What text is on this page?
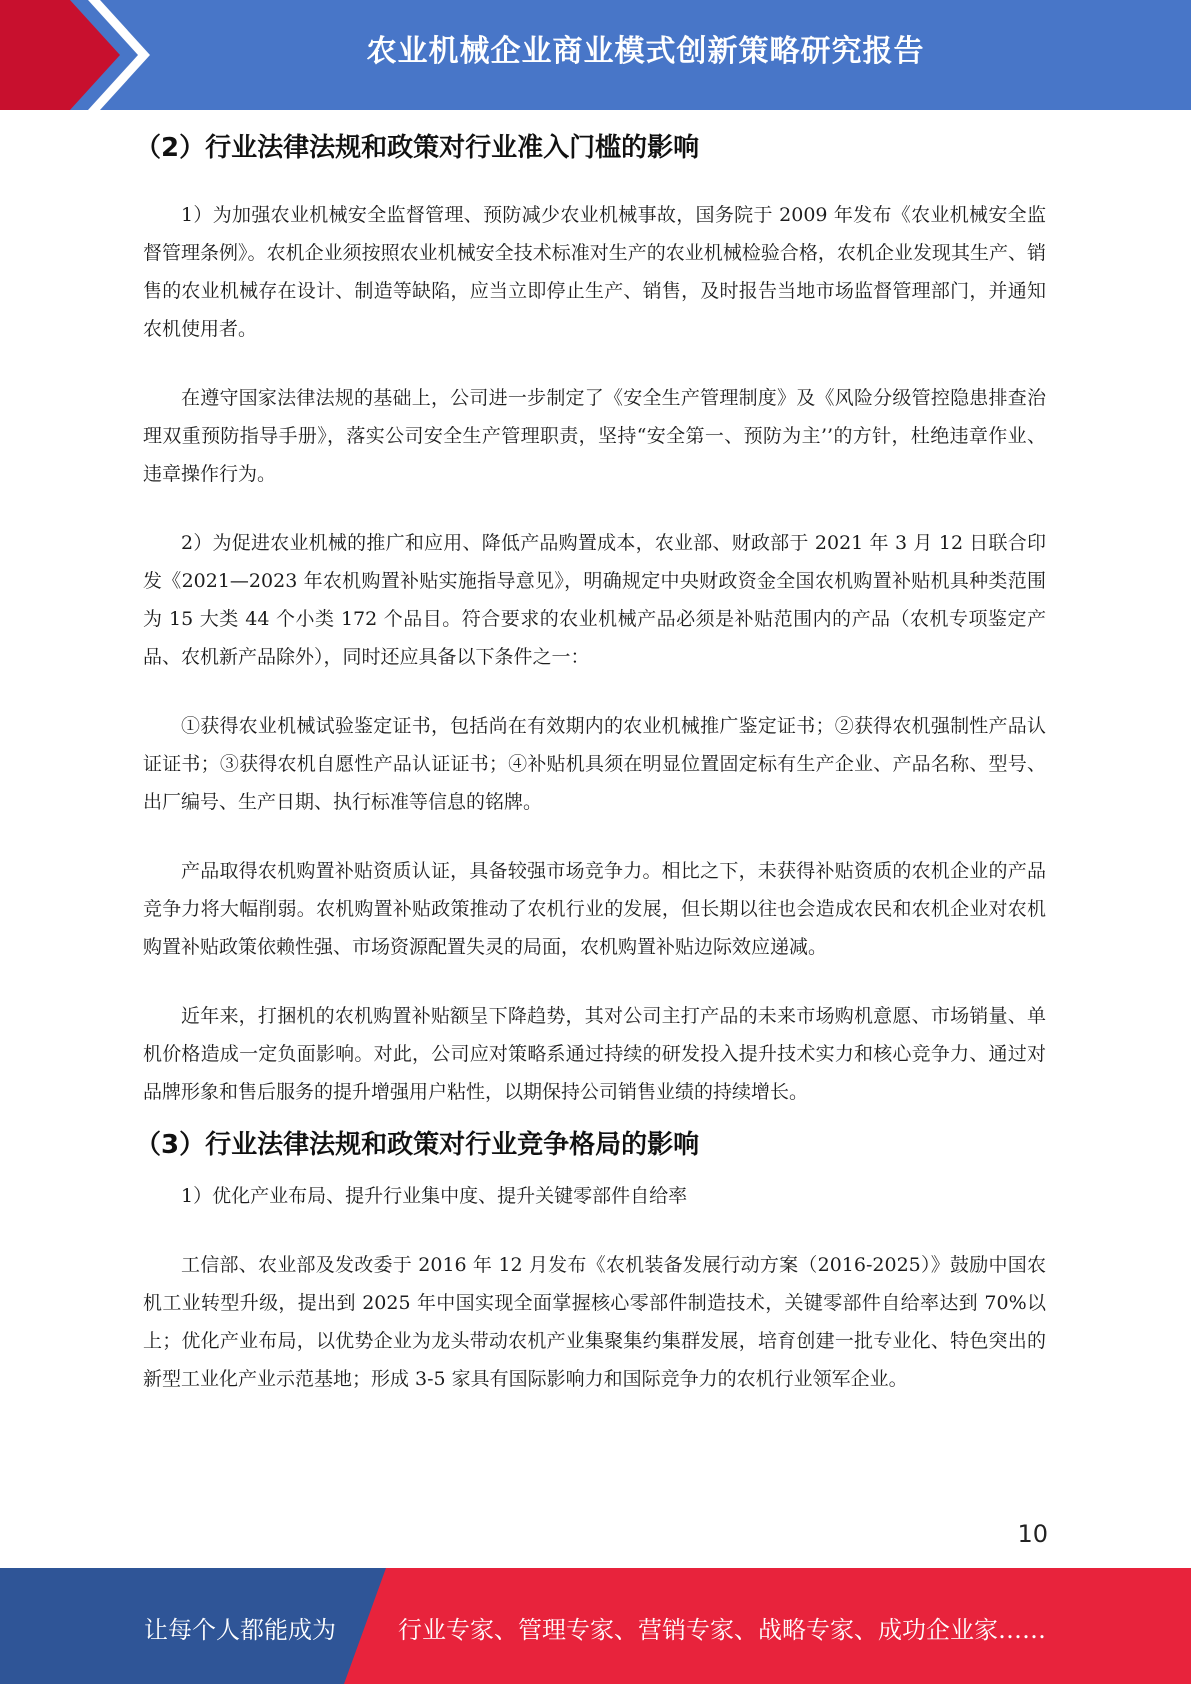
农业机械企业商业模式创新策略研究报告
（2）行业法律法规和政策对行业准入门槛的影响

1）为加强农业机械安全监督管理、预防减少农业机械事故，国务院于 2009 年发布《农业机械安全监督管理条例》。农机企业须按照农业机械安全技术标准对生产的农业机械检验合格，农机企业发现其生产、销售的农业机械存在设计、制造等缺陷，应当立即停止生产、销售，及时报告当地市场监督管理部门，并通知农机使用者。

在遵守国家法律法规的基础上，公司进一步制定了《安全生产管理制度》及《风险分级管控隐患排查治理双重预防指导手册》，落实公司安全生产管理职责，坚持“安全第一、预防为主’’的方针，杜绝违章作业、违章操作行为。

2）为促进农业机械的推广和应用、降低产品购置成本，农业部、财政部于 2021 年 3 月 12 日联合印发《2021—2023 年农机购置补贴实施指导意见》，明确规定中央财政资金全国农机购置补贴机具种类范围为 15 大类 44 个小类 172 个品目。符合要求的农业机械产品必须是补贴范围内的产品（农机专项鉴定产品、农机新产品除外），同时还应具备以下条件之一：

①获得农业机械试验鉴定证书，包括尚在有效期内的农业机械推广鉴定证书；②获得农机强制性产品认证证书；③获得农机自愿性产品认证证书；④补贴机具须在明显位置固定标有生产企业、产品名称、型号、出厂编号、生产日期、执行标准等信息的铭牌。

产品取得农机购置补贴资质认证，具备较强市场竞争力。相比之下，未获得补贴资质的农机企业的产品竞争力将大幅削弱。农机购置补贴政策推动了农机行业的发展，但长期以往也会造成农民和农机企业对农机购置补贴政策依赖性强、市场资源配置失灵的局面，农机购置补贴边际效应递减。

近年来，打捆机的农机购置补贴额呈下降趋势，其对公司主打产品的未来市场购机意愿、市场销量、单机价格造成一定负面影响。对此，公司应对策略系通过持续的研发投入提升技术实力和核心竞争力、通过对品牌形象和售后服务的提升增强用户粘性，以期保持公司销售业绩的持续增长。

（3）行业法律法规和政策对行业竞争格局的影响

1）优化产业布局、提升行业集中度、提升关键零部件自给率

工信部、农业部及发改委于 2016 年 12 月发布《农机装备发展行动方案（2016-2025）》鼓励中国农机工业转型升级，提出到 2025 年中国实现全面掌握核心零部件制造技术，关键零部件自给率达到 70%以上；优化产业布局，以优势企业为龙头带动农机产业集聚集约集群发展，培育创建一批专业化、特色突出的新型工业化产业示范基地；形成 3-5 家具有国际影响力和国际竞争力的农机行业领军企业。

10
让每个人都能成为	行业专家、管理专家、营销专家、战略专家、成功企业家……
